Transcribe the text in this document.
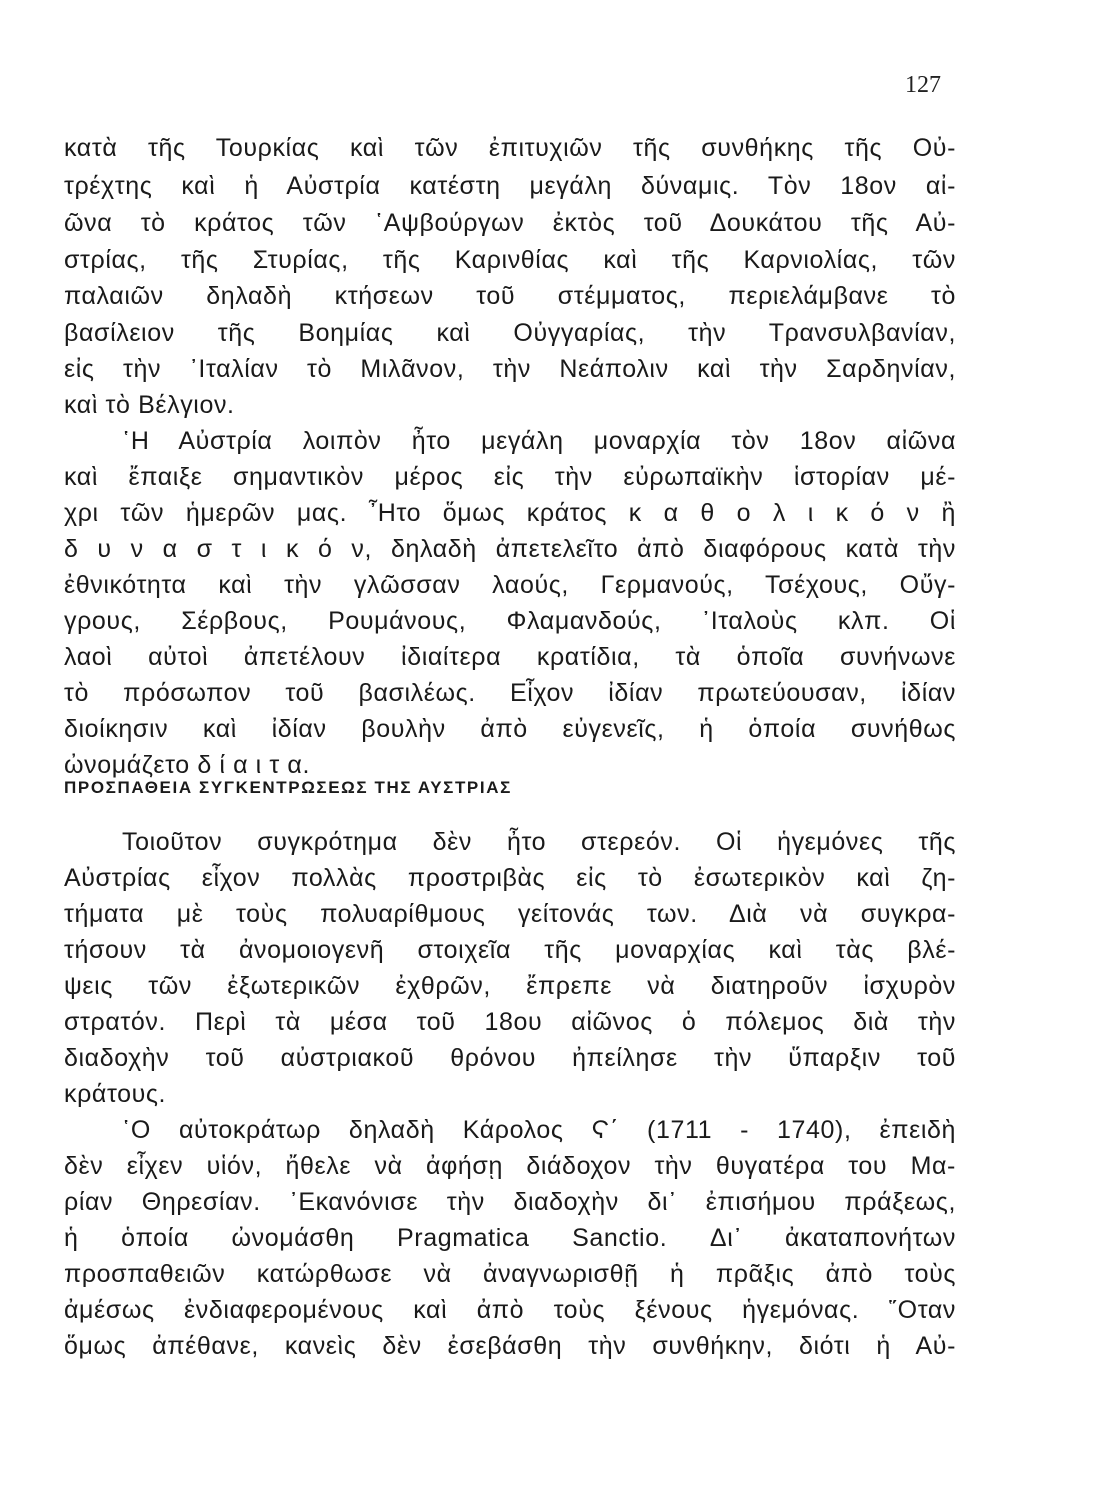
127
κατὰ τῆς Τουρκίας καὶ τῶν ἐπιτυχιῶν τῆς συνθήκης τῆς Οὐ-
τρέχτης καὶ ἡ Αὐστρία κατέστη μεγάλη δύναμις. Τὸν 18ον αἰ-
ῶνα τὸ κράτος τῶν ῾Αψβούργων ἐκτὸς τοῦ Δουκάτου τῆς Αὐ-
στρίας, τῆς Στυρίας, τῆς Καρινθίας καὶ τῆς Καρνιολίας, τῶν
παλαιῶν δηλαδὴ κτήσεων τοῦ στέμματος, περιελάμβανε τὸ
βασίλειον τῆς Βοημίας καὶ Οὐγγαρίας, τὴν Τρανσυλβανίαν,
εἰς τὴν ᾿Ιταλίαν τὸ Μιλᾶνον, τὴν Νεάπολιν καὶ τὴν Σαρδηνίαν,
καὶ τὸ Βέλγιον.
῾Η Αὐστρία λοιπὸν ἦτο μεγάλη μοναρχία τὸν 18ον αἰῶνα
καὶ ἔπαιξε σημαντικὸν μέρος εἰς τὴν εὐρωπαϊκὴν ἱστορίαν μέ-
χρι τῶν ἡμερῶν μας. ῏Ητο ὅμως κράτος κ α θ ο λ ι κ ό ν ἢ
δ υ ν α σ τ ι κ ό ν, δηλαδὴ ἀπετελεῖτο ἀπὸ διαφόρους κατὰ τὴν
ἐθνικότητα καὶ τὴν γλῶσσαν λαούς, Γερμανούς, Τσέχους, Οὔγ-
γρους, Σέρβους, Ρουμάνους, Φλαμανδούς, ᾿Ιταλοὺς κλπ. Οἱ
λαοὶ αὐτοὶ ἀπετέλουν ἰδιαίτερα κρατίδια, τὰ ὁποῖα συνήνωνε
τὸ πρόσωπον τοῦ βασιλέως. Εἶχον ἰδίαν πρωτεύουσαν, ἰδίαν
διοίκησιν καὶ ἰδίαν βουλὴν ἀπὸ εὐγενεῖς, ἡ ὁποία συνήθως
ὠνομάζετο δ ί α ι τ α.
ΠΡΟΣΠΑΘΕΙΑ ΣΥΓΚΕΝΤΡΩΣΕΩΣ ΤΗΣ ΑΥΣΤΡΙΑΣ
Τοιοῦτον συγκρότημα δὲν ἦτο στερεόν. Οἱ ἡγεμόνες τῆς
Αὐστρίας εἶχον πολλὰς προστριβὰς εἰς τὸ ἐσωτερικὸν καὶ ζη-
τήματα μὲ τοὺς πολυαρίθμους γείτονάς των. Διὰ νὰ συγκρα-
τήσουν τὰ ἀνομοιογενῆ στοιχεῖα τῆς μοναρχίας καὶ τὰς βλέ-
ψεις τῶν ἐξωτερικῶν ἐχθρῶν, ἔπρεπε νὰ διατηροῦν ἰσχυρὸν
στρατόν. Περὶ τὰ μέσα τοῦ 18ου αἰῶνος ὁ πόλεμος διὰ τὴν
διαδοχὴν τοῦ αὐστριακοῦ θρόνου ἠπείλησε τὴν ὕπαρξιν τοῦ
κράτους.
῾Ο αὐτοκράτωρ δηλαδὴ Κάρολος Ϛ΄ (1711 - 1740), ἐπειδὴ
δὲν εἶχεν υἱόν, ἤθελε νὰ ἀφήσῃ διάδοχον τὴν θυγατέρα του Μα-
ρίαν Θηρεσίαν. ᾿Εκανόνισε τὴν διαδοχὴν δι᾿ ἐπισήμου πράξεως,
ἡ ὁποία ὠνομάσθη Pragmatica Sanctio. Δι᾿ ἀκαταπονήτων
προσπαθειῶν κατώρθωσε νὰ ἀναγνωρισθῇ ἡ πρᾶξις ἀπὸ τοὺς
ἀμέσως ἐνδιαφερομένους καὶ ἀπὸ τοὺς ξένους ἡγεμόνας. ῞Οταν
ὅμως ἀπέθανε, κανεὶς δὲν ἐσεβάσθη τὴν συνθήκην, διότι ἡ Αὐ-
